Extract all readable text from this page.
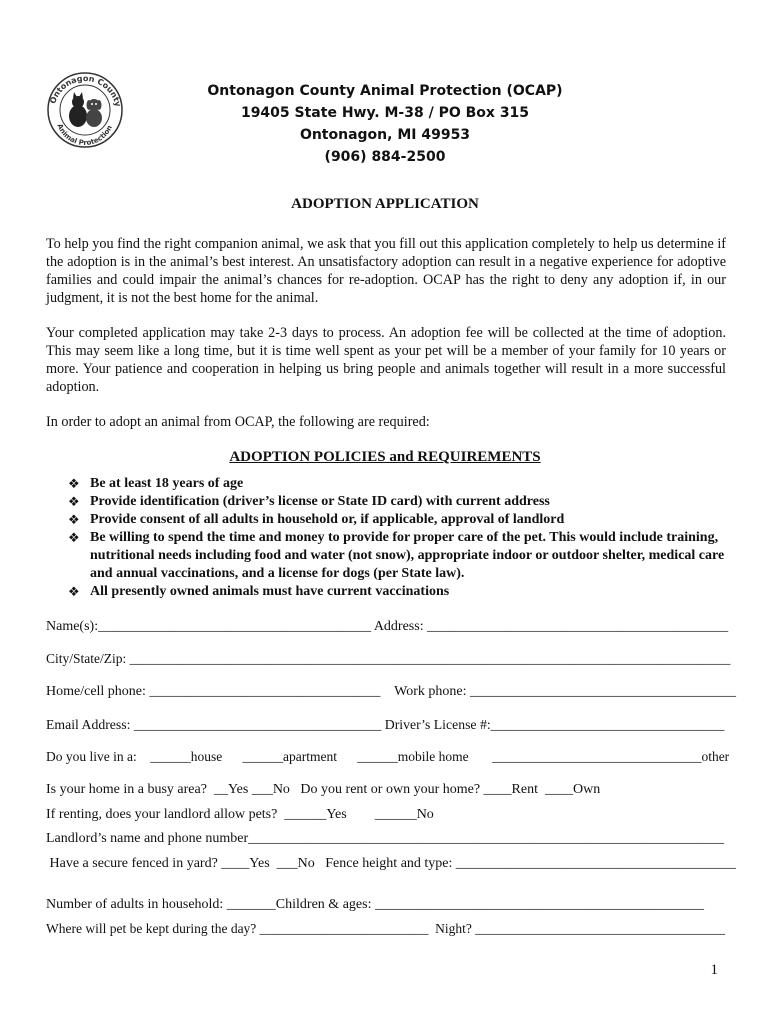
Ontonagon County
Animal Protection
Ontonagon County Animal Protection (OCAP)
19405 State Hwy. M-38 / PO Box 315
Ontonagon, MI 49953
(906) 884-2500
ADOPTION APPLICATION
To help you find the right companion animal, we ask that you fill out this application completely to help us determine if the adoption is in the animal’s best interest. An unsatisfactory adoption can result in a negative experience for adoptive families and could impair the animal’s chances for re-adoption. OCAP has the right to deny any adoption if, in our judgment, it is not the best home for the animal.
Your completed application may take 2-3 days to process. An adoption fee will be collected at the time of adoption. This may seem like a long time, but it is time well spent as your pet will be a member of your family for 10 years or more. Your patience and cooperation in helping us bring people and animals together will result in a more successful adoption.
In order to adopt an animal from OCAP, the following are required:
ADOPTION POLICIES and REQUIREMENTS
❖ Be at least 18 years of age
❖ Provide identification (driver’s license or State ID card) with current address
❖ Provide consent of all adults in household or, if applicable, approval of landlord
❖ Be willing to spend the time and money to provide for proper care of the pet. This would include training, nutritional needs including food and water (not snow), appropriate indoor or outdoor shelter, medical care and annual vaccinations, and a license for dogs (per State law).
❖ All presently owned animals must have current vaccinations
Name(s):_______________________________________ Address: ___________________________________________
City/State/Zip: _________________________________________________________________________________________
Home/cell phone: _________________________________    Work phone: ______________________________________
Email Address: ____________________________________ Driver’s License #:__________________________________
Do you live in a:    ______house      ______apartment      ______mobile home       _______________________________other
Is your home in a busy area?  __Yes ___No   Do you rent or own your home? ____Rent  ____Own
If renting, does your landlord allow pets?  ______Yes        ______No
Landlord’s name and phone number____________________________________________________________________
Have a secure fenced in yard? ____Yes  ___No   Fence height and type: ________________________________________
Number of adults in household: _______Children & ages: _______________________________________________
Where will pet be kept during the day? _________________________  Night? _____________________________________
1
